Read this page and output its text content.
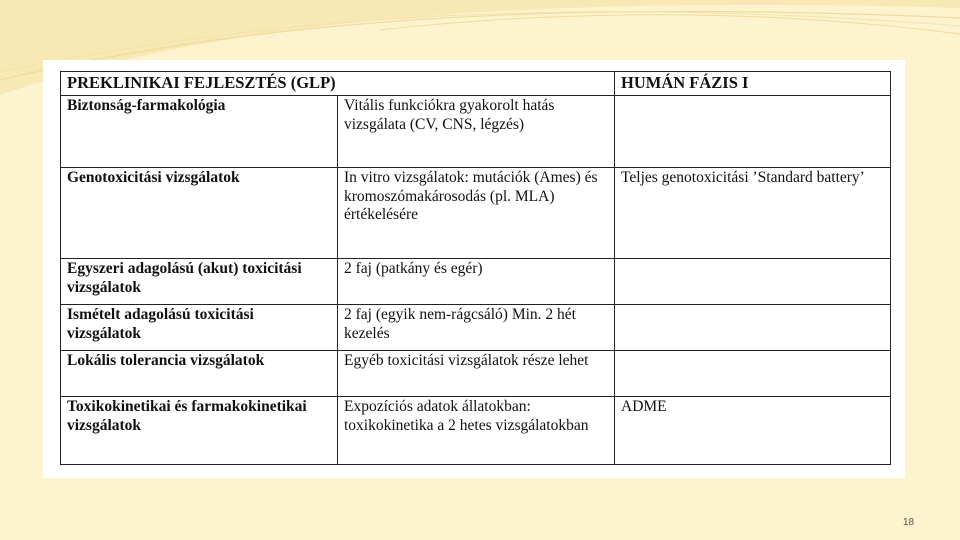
PREKLINIKAI FEJLESZTÉS (GLP)		HUMÁN FÁZIS I
Biztonság-farmakológia	Vitális funkciókra gyakorolt hatás vizsgálata (CV, CNS, légzés)	
Genotoxicitási vizsgálatok	In vitro vizsgálatok: mutációk (Ames) és kromoszómakárosodás (pl. MLA) értékelésére	Teljes genotoxicitási ’Standard battery’
Egyszeri adagolású (akut) toxicitási vizsgálatok	2 faj (patkány és egér)	
Ismételt adagolású toxicitási vizsgálatok	2 faj (egyik nem-rágcsáló) Min. 2 hét kezelés	
Lokális tolerancia vizsgálatok	Egyéb toxicitási vizsgálatok része lehet	
Toxikokinetikai és farmakokinetikai vizsgálatok	Expozíciós adatok állatokban: toxikokinetika a 2 hetes vizsgálatokban	ADME
18
